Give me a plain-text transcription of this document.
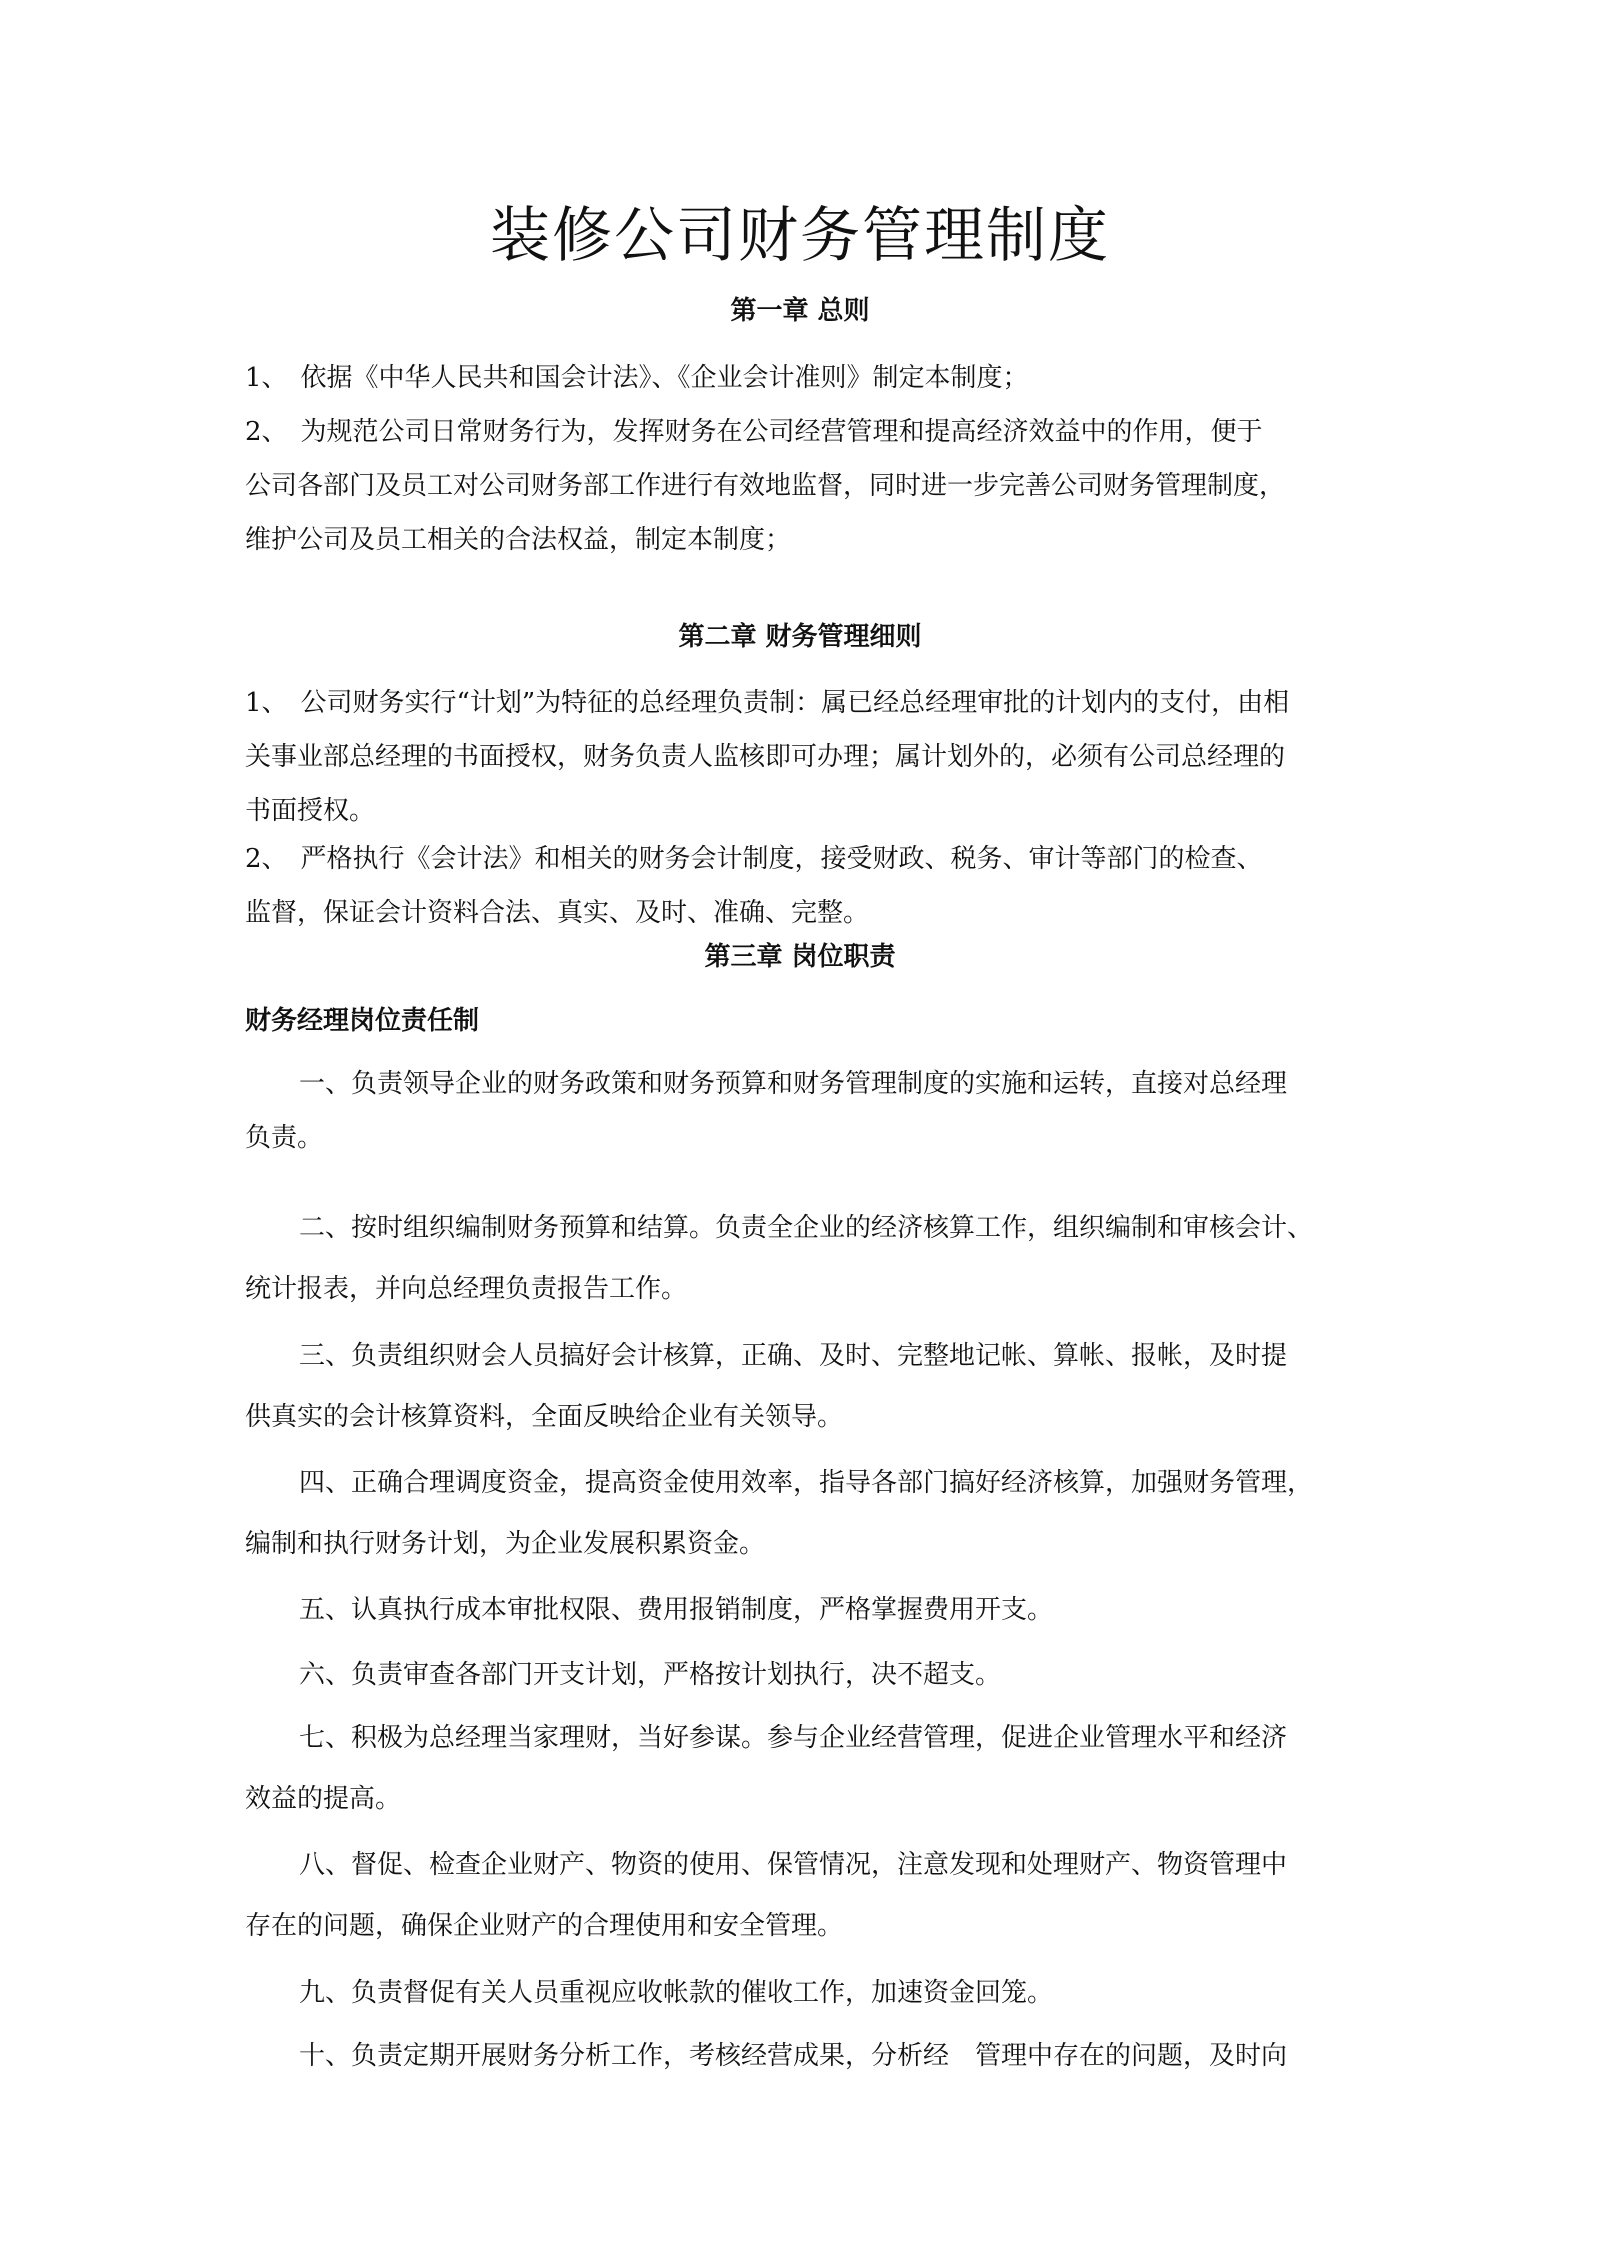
装修公司财务管理制度
第一章 总则

1、　依据《中华人民共和国会计法》、《企业会计准则》制定本制度；

2、　为规范公司日常财务行为，发挥财务在公司经营管理和提高经济效益中的作用，便于
公司各部门及员工对公司财务部工作进行有效地监督，同时进一步完善公司财务管理制度，
维护公司及员工相关的合法权益，制定本制度；

第二章 财务管理细则

1、　公司财务实行“计划”为特征的总经理负责制：属已经总经理审批的计划内的支付，由相
关事业部总经理的书面授权，财务负责人监核即可办理；属计划外的，必须有公司总经理的
书面授权。

2、　严格执行《会计法》和相关的财务会计制度，接受财政、税务、审计等部门的检查、
监督，保证会计资料合法、真实、及时、准确、完整。

第三章 岗位职责
财务经理岗位责任制

一、负责领导企业的财务政策和财务预算和财务管理制度的实施和运转，直接对总经理

负责。

二、按时组织编制财务预算和结算。负责全企业的经济核算工作，组织编制和审核会计、

统计报表，并向总经理负责报告工作。

三、负责组织财会人员搞好会计核算，正确、及时、完整地记帐、算帐、报帐，及时提

供真实的会计核算资料，全面反映给企业有关领导。

四、正确合理调度资金，提高资金使用效率，指导各部门搞好经济核算，加强财务管理，

编制和执行财务计划，为企业发展积累资金。

五、认真执行成本审批权限、费用报销制度，严格掌握费用开支。

六、负责审查各部门开支计划，严格按计划执行，决不超支。

七、积极为总经理当家理财，当好参谋。参与企业经营管理，促进企业管理水平和经济

效益的提高。

八、督促、检查企业财产、物资的使用、保管情况，注意发现和处理财产、物资管理中

存在的问题，确保企业财产的合理使用和安全管理。

九、负责督促有关人员重视应收帐款的催收工作，加速资金回笼。

十、负责定期开展财务分析工作，考核经营成果，分析经　管理中存在的问题，及时向
